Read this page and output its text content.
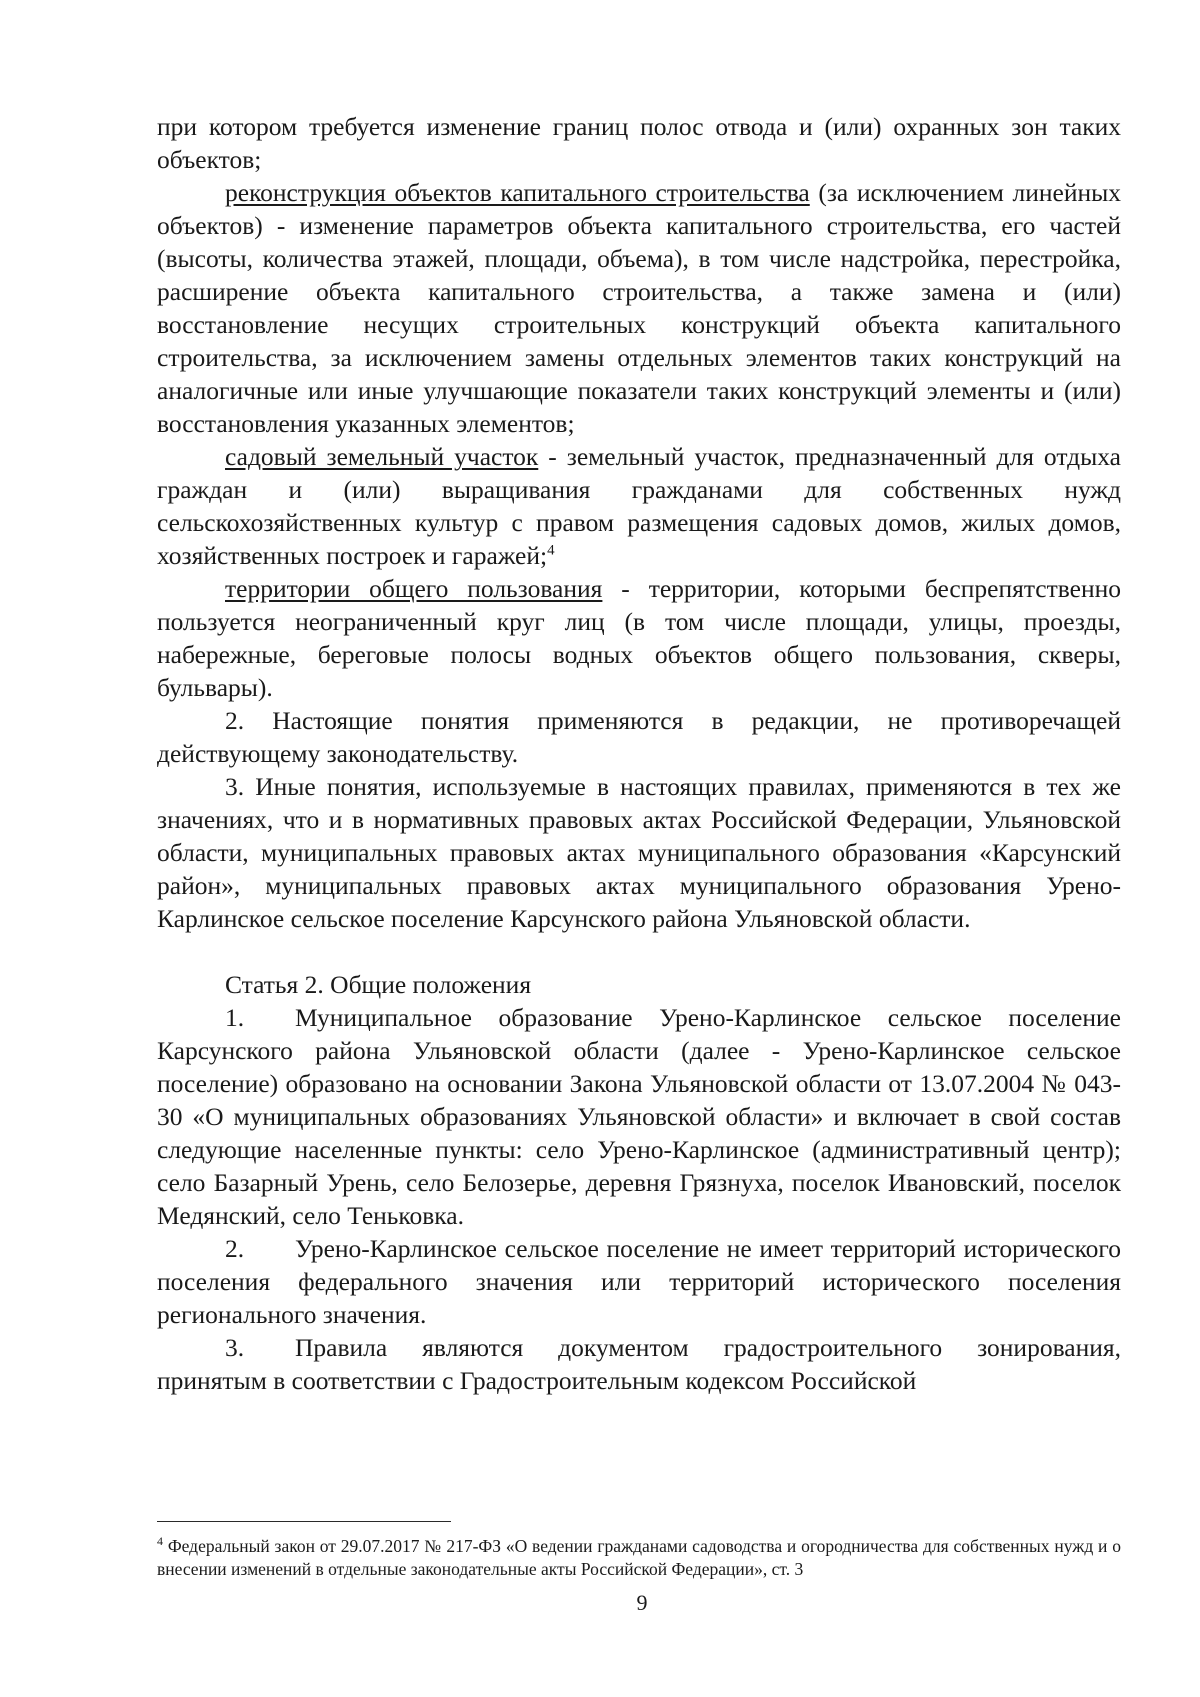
при котором требуется изменение границ полос отвода и (или) охранных зон таких объектов;

реконструкция объектов капитального строительства (за исключением линейных объектов) - изменение параметров объекта капитального строительства, его частей (высоты, количества этажей, площади, объема), в том числе надстройка, перестройка, расширение объекта капитального строительства, а также замена и (или) восстановление несущих строительных конструкций объекта капитального строительства, за исключением замены отдельных элементов таких конструкций на аналогичные или иные улучшающие показатели таких конструкций элементы и (или) восстановления указанных элементов;

садовый земельный участок - земельный участок, предназначенный для отдыха граждан и (или) выращивания гражданами для собственных нужд сельскохозяйственных культур с правом размещения садовых домов, жилых домов, хозяйственных построек и гаражей;$^4$

территории общего пользования - территории, которыми беспрепятственно пользуется неограниченный круг лиц (в том числе площади, улицы, проезды, набережные, береговые полосы водных объектов общего пользования, скверы, бульвары).

2. Настоящие понятия применяются в редакции, не противоречащей действующему законодательству.

3. Иные понятия, используемые в настоящих правилах, применяются в тех же значениях, что и в нормативных правовых актах Российской Федерации, Ульяновской области, муниципальных правовых актах муниципального образования «Карсунский район», муниципальных правовых актах муниципального образования Урено-Карлинское сельское поселение Карсунского района Ульяновской области.

Статья 2. Общие положения

1. Муниципальное образование Урено-Карлинское сельское поселение Карсунского района Ульяновской области (далее - Урено-Карлинское сельское поселение) образовано на основании Закона Ульяновской области от 13.07.2004 № 043-30 «О муниципальных образованиях Ульяновской области» и включает в свой состав следующие населенные пункты: село Урено-Карлинское (административный центр); село Базарный Урень, село Белозерье, деревня Грязнуха, поселок Ивановский, поселок Медянский, село Теньковка.

2. Урено-Карлинское сельское поселение не имеет территорий исторического поселения федерального значения или территорий исторического поселения регионального значения.

3. Правила являются документом градостроительного зонирования, принятым в соответствии с Градостроительным кодексом Российской

$^4$ Федеральный закон от 29.07.2017 № 217-ФЗ «О ведении гражданами садоводства и огородничества для собственных нужд и о внесении изменений в отдельные законодательные акты Российской Федерации», ст. 3
9
